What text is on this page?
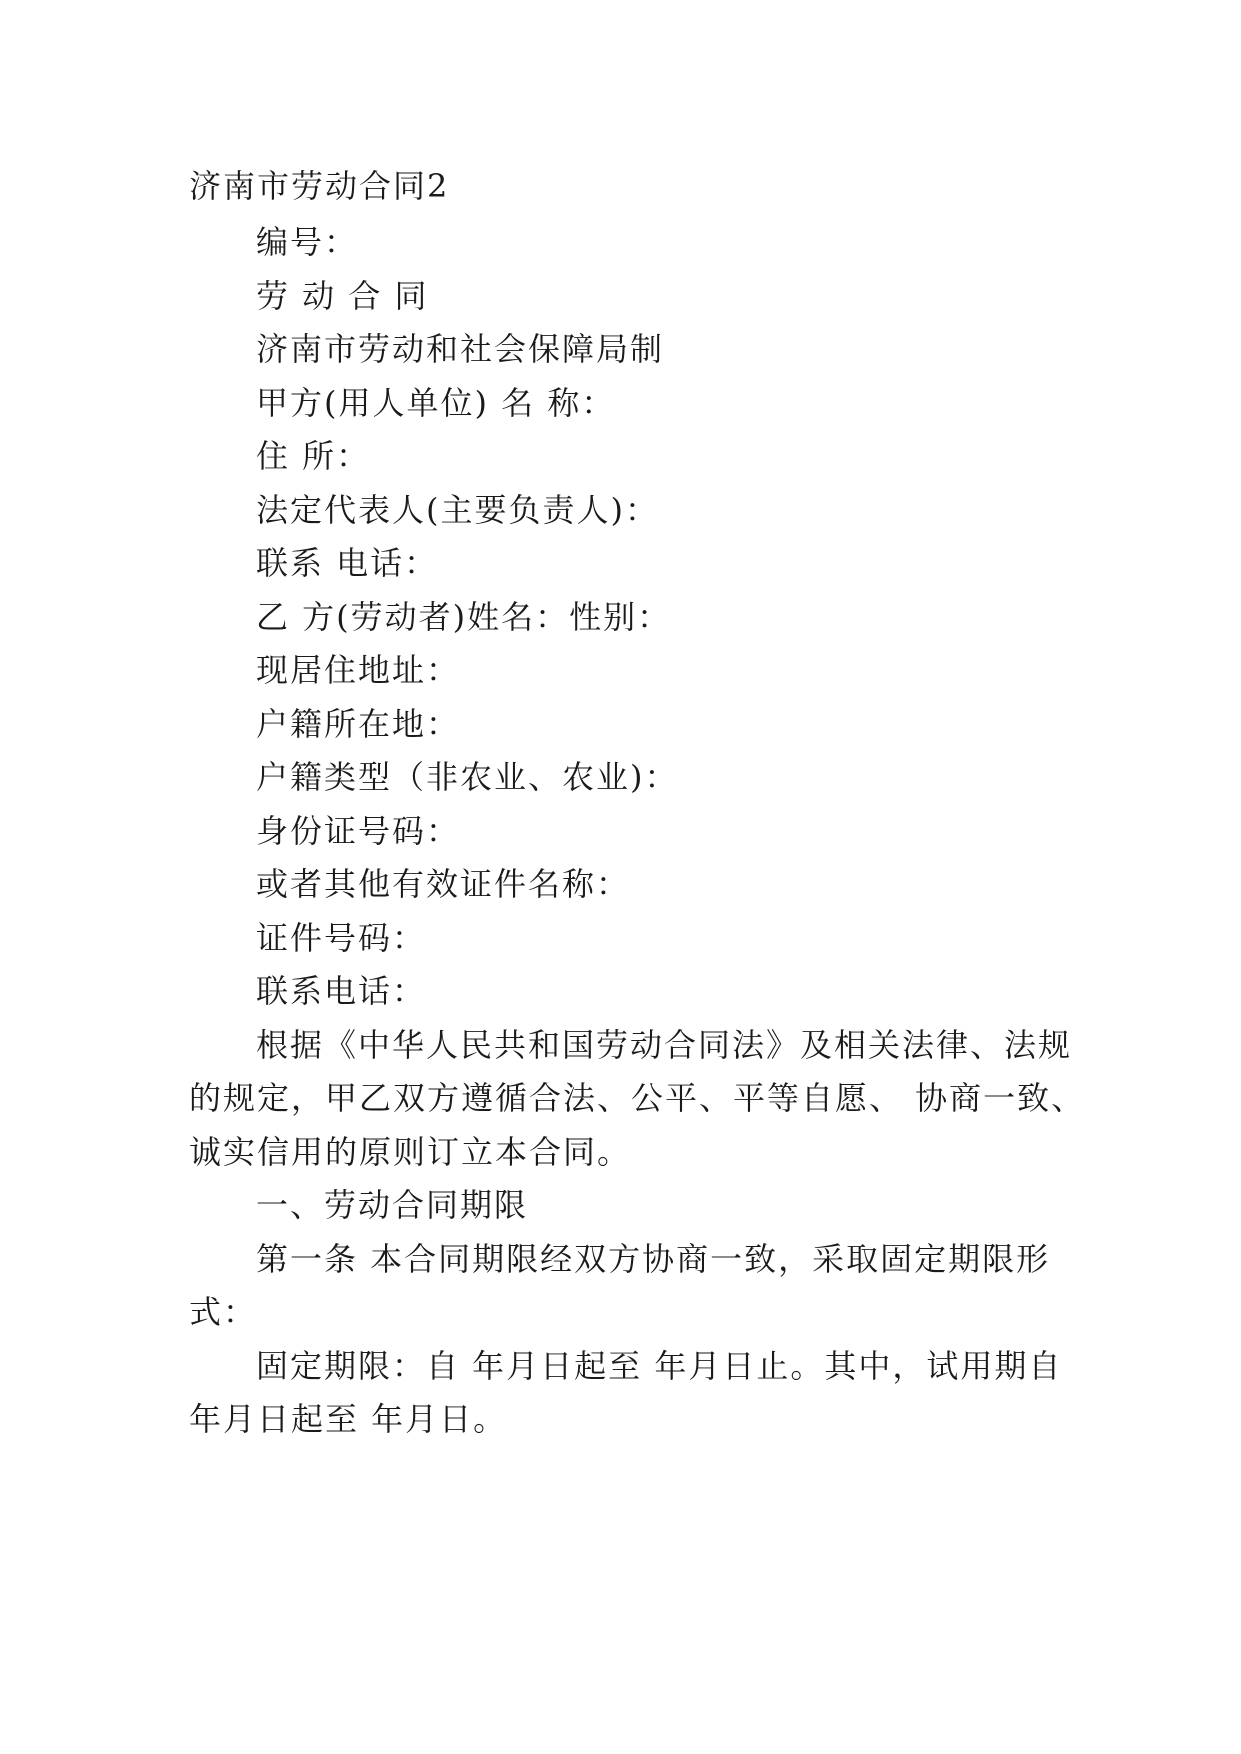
济南市劳动合同2
编号：
劳 动 合 同
济南市劳动和社会保障局制
甲方(用人单位) 名 称：
住 所：
法定代表人(主要负责人)：
联系 电话：
乙 方(劳动者)姓名：性别：
现居住地址：
户籍所在地：
户籍类型（非农业、农业)：
身份证号码：
或者其他有效证件名称：
证件号码：
联系电话：
根据《中华人民共和国劳动合同法》及相关法律、法规
的规定，甲乙双方遵循合法、公平、平等自愿、 协商一致、
诚实信用的原则订立本合同。
一、劳动合同期限
第一条 本合同期限经双方协商一致，采取固定期限形
式：
固定期限：自 年月日起至 年月日止。其中，试用期自
年月日起至 年月日。
